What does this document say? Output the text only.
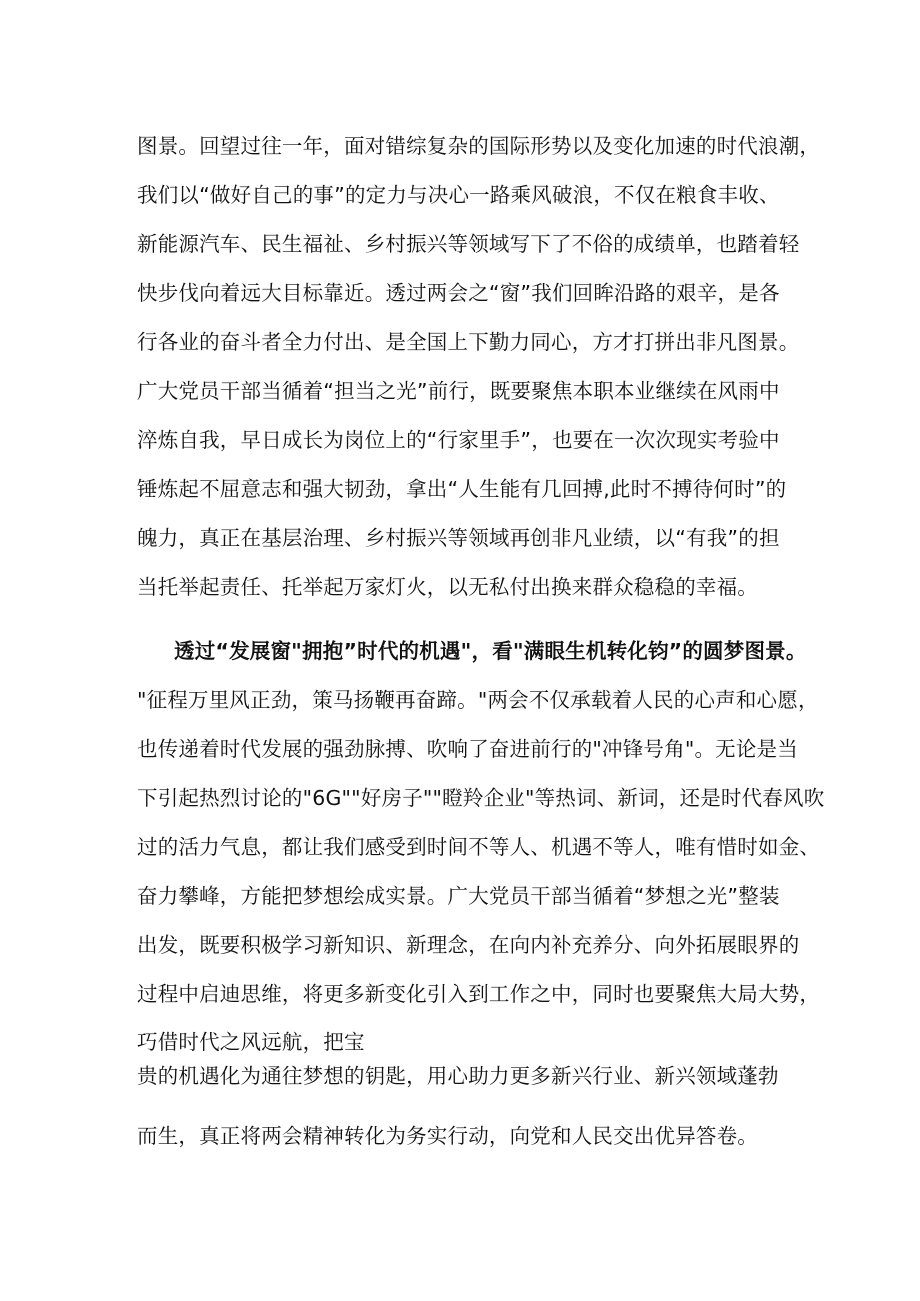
图景。回望过往一年，面对错综复杂的国际形势以及变化加速的时代浪潮，
我们以“做好自己的事”的定力与决心一路乘风破浪，不仅在粮食丰收、
新能源汽车、民生福祉、乡村振兴等领域写下了不俗的成绩单，也踏着轻
快步伐向着远大目标靠近。透过两会之“窗”我们回眸沿路的艰辛，是各
行各业的奋斗者全力付出、是全国上下勤力同心，方才打拼出非凡图景。
广大党员干部当循着“担当之光”前行，既要聚焦本职本业继续在风雨中
淬炼自我，早日成长为岗位上的“行家里手”，也要在一次次现实考验中
锤炼起不屈意志和强大韧劲，拿出“人生能有几回搏,此时不搏待何时”的
魄力，真正在基层治理、乡村振兴等领域再创非凡业绩，以“有我”的担
当托举起责任、托举起万家灯火，以无私付出换来群众稳稳的幸福。
透过“发展窗"拥抱”时代的机遇"，看"满眼生机转化钧”的圆梦图景。
"征程万里风正劲，策马扬鞭再奋蹄。"两会不仅承载着人民的心声和心愿，
也传递着时代发展的强劲脉搏、吹响了奋进前行的"冲锋号角"。无论是当
下引起热烈讨论的"6G""好房子""瞪羚企业"等热词、新词，还是时代春风吹
过的活力气息，都让我们感受到时间不等人、机遇不等人，唯有惜时如金、
奋力攀峰，方能把梦想绘成实景。广大党员干部当循着“梦想之光”整装
出发，既要积极学习新知识、新理念，在向内补充养分、向外拓展眼界的
过程中启迪思维，将更多新变化引入到工作之中，同时也要聚焦大局大势，
巧借时代之风远航，把宝
贵的机遇化为通往梦想的钥匙，用心助力更多新兴行业、新兴领域蓬勃
而生，真正将两会精神转化为务实行动，向党和人民交出优异答卷。
